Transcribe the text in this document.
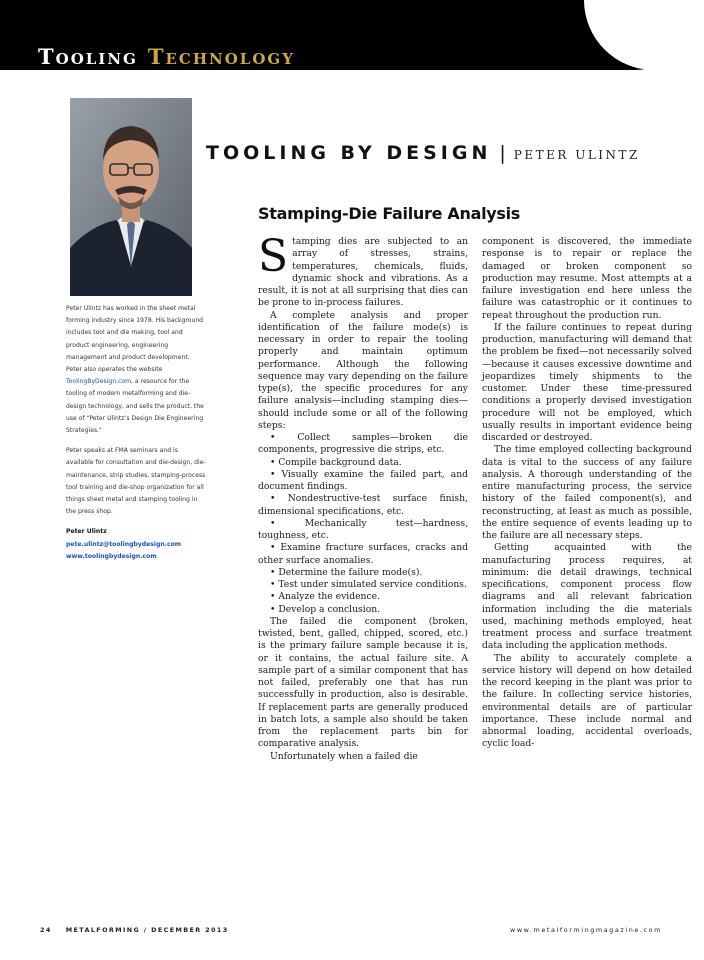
Tooling Technology

Peter Ulintz has worked in the sheet metal forming industry since 1978. His background includes tool and die making, tool and product engineering, engineering management and product development. Peter also operates the website ToolingByDesign.com, a resource for the tooling of modern metalforming and die-design technology, and sells the product, the use of "Peter Ulintz’s Design Die Engineering Strategies."

Peter speaks at FMA seminars and is available for consultation and die-design, die-maintenance, strip studies, stamping-process tool training and die-shop organization for all things sheet metal and stamping tooling in the press shop.

Peter Ulintz

pete.ulintz@toolingbydesign.com

www.toolingbydesign.com

TOOLING BY DESIGN | PETER ULINTZ
Stamping-Die Failure Analysis

Stamping dies are subjected to an array of stresses, strains, temperatures, chemicals, fluids, dynamic shock and vibrations. As a result, it is not at all surprising that dies can be prone to in-process failures.

A complete analysis and proper identification of the failure mode(s) is necessary in order to repair the tooling properly and maintain optimum performance. Although the following sequence may vary depending on the failure type(s), the specific procedures for any failure analysis—including stamping dies—should include some or all of the following steps:

• Collect samples—broken die components, progressive die strips, etc.

• Compile background data.

• Visually examine the failed part, and document findings.

• Nondestructive-test surface finish, dimensional specifications, etc.

• Mechanically test—hardness, toughness, etc.

• Examine fracture surfaces, cracks and other surface anomalies.

• Determine the failure mode(s).

• Test under simulated service conditions.

• Analyze the evidence.

• Develop a conclusion.

The failed die component (broken, twisted, bent, galled, chipped, scored, etc.) is the primary failure sample because it is, or it contains, the actual failure site. A sample part of a similar component that has not failed, preferably one that has run successfully in production, also is desirable. If replacement parts are generally produced in batch lots, a sample also should be taken from the replacement parts bin for comparative analysis.

Unfortunately when a failed die

component is discovered, the immediate response is to repair or replace the damaged or broken component so production may resume. Most attempts at a failure investigation end here unless the failure was catastrophic or it continues to repeat throughout the production run.

If the failure continues to repeat during production, manufacturing will demand that the problem be fixed—not necessarily solved—because it causes excessive downtime and jeopardizes timely shipments to the customer. Under these time-pressured conditions a properly devised investigation procedure will not be employed, which usually results in important evidence being discarded or destroyed.

The time employed collecting background data is vital to the success of any failure analysis. A thorough understanding of the entire manufacturing process, the service history of the failed component(s), and reconstructing, at least as much as possible, the entire sequence of events leading up to the failure are all necessary steps.

Getting acquainted with the manufacturing process requires, at minimum: die detail drawings, technical specifications, component process flow diagrams and all relevant fabrication information including the die materials used, machining methods employed, heat treatment process and surface treatment data including the application methods.

The ability to accurately complete a service history will depend on how detailed the record keeping in the plant was prior to the failure. In collecting service histories, environmental details are of particular importance. These include normal and abnormal loading, accidental overloads, cyclic load-

24 METALFORMING / DECEMBER 2013	www.metalformingmagazine.com
